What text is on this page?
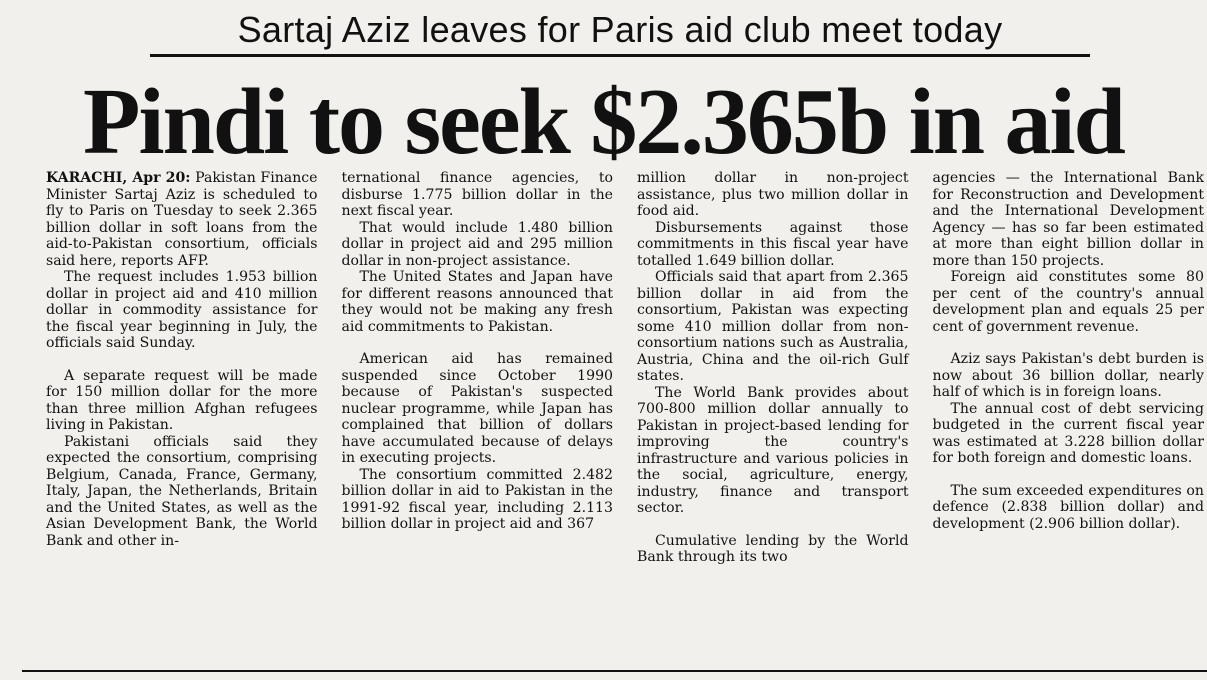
Sartaj Aziz leaves for Paris aid club meet today
Pindi to seek $2.365b in aid

KARACHI, Apr 20: Pakistan Finance Minister Sartaj Aziz is scheduled to fly to Paris on Tuesday to seek 2.365 billion dollar in soft loans from the aid-to-Pakistan consortium, officials said here, reports AFP.

The request includes 1.953 billion dollar in project aid and 410 million dollar in commodity assistance for the fiscal year beginning in July, the officials said Sunday.

A separate request will be made for 150 million dollar for the more than three million Afghan refugees living in Pakistan.

Pakistani officials said they expected the consortium, comprising Belgium, Canada, France, Germany, Italy, Japan, the Netherlands, Britain and the United States, as well as the Asian Development Bank, the World Bank and other in-

ternational finance agencies, to disburse 1.775 billion dollar in the next fiscal year.

That would include 1.480 billion dollar in project aid and 295 million dollar in non-project assistance.

The United States and Japan have for different reasons announced that they would not be making any fresh aid commitments to Pakistan.

American aid has remained suspended since October 1990 because of Pakistan's suspected nuclear programme, while Japan has complained that billion of dollars have accumulated because of delays in executing projects.

The consortium committed 2.482 billion dollar in aid to Pakistan in the 1991-92 fiscal year, including 2.113 billion dollar in project aid and 367

million dollar in non-project assistance, plus two million dollar in food aid.

Disbursements against those commitments in this fiscal year have totalled 1.649 billion dollar.

Officials said that apart from 2.365 billion dollar in aid from the consortium, Pakistan was expecting some 410 million dollar from non-consortium nations such as Australia, Austria, China and the oil-rich Gulf states.

The World Bank provides about 700-800 million dollar annually to Pakistan in project-based lending for improving the country's infrastructure and various policies in the social, agriculture, energy, industry, finance and transport sector.

Cumulative lending by the World Bank through its two

agencies — the International Bank for Reconstruction and Development and the International Development Agency — has so far been estimated at more than eight billion dollar in more than 150 projects.

Foreign aid constitutes some 80 per cent of the country's annual development plan and equals 25 per cent of government revenue.

Aziz says Pakistan's debt burden is now about 36 billion dollar, nearly half of which is in foreign loans.

The annual cost of debt servicing budgeted in the current fiscal year was estimated at 3.228 billion dollar for both foreign and domestic loans.

The sum exceeded expenditures on defence (2.838 billion dollar) and development (2.906 billion dollar).
